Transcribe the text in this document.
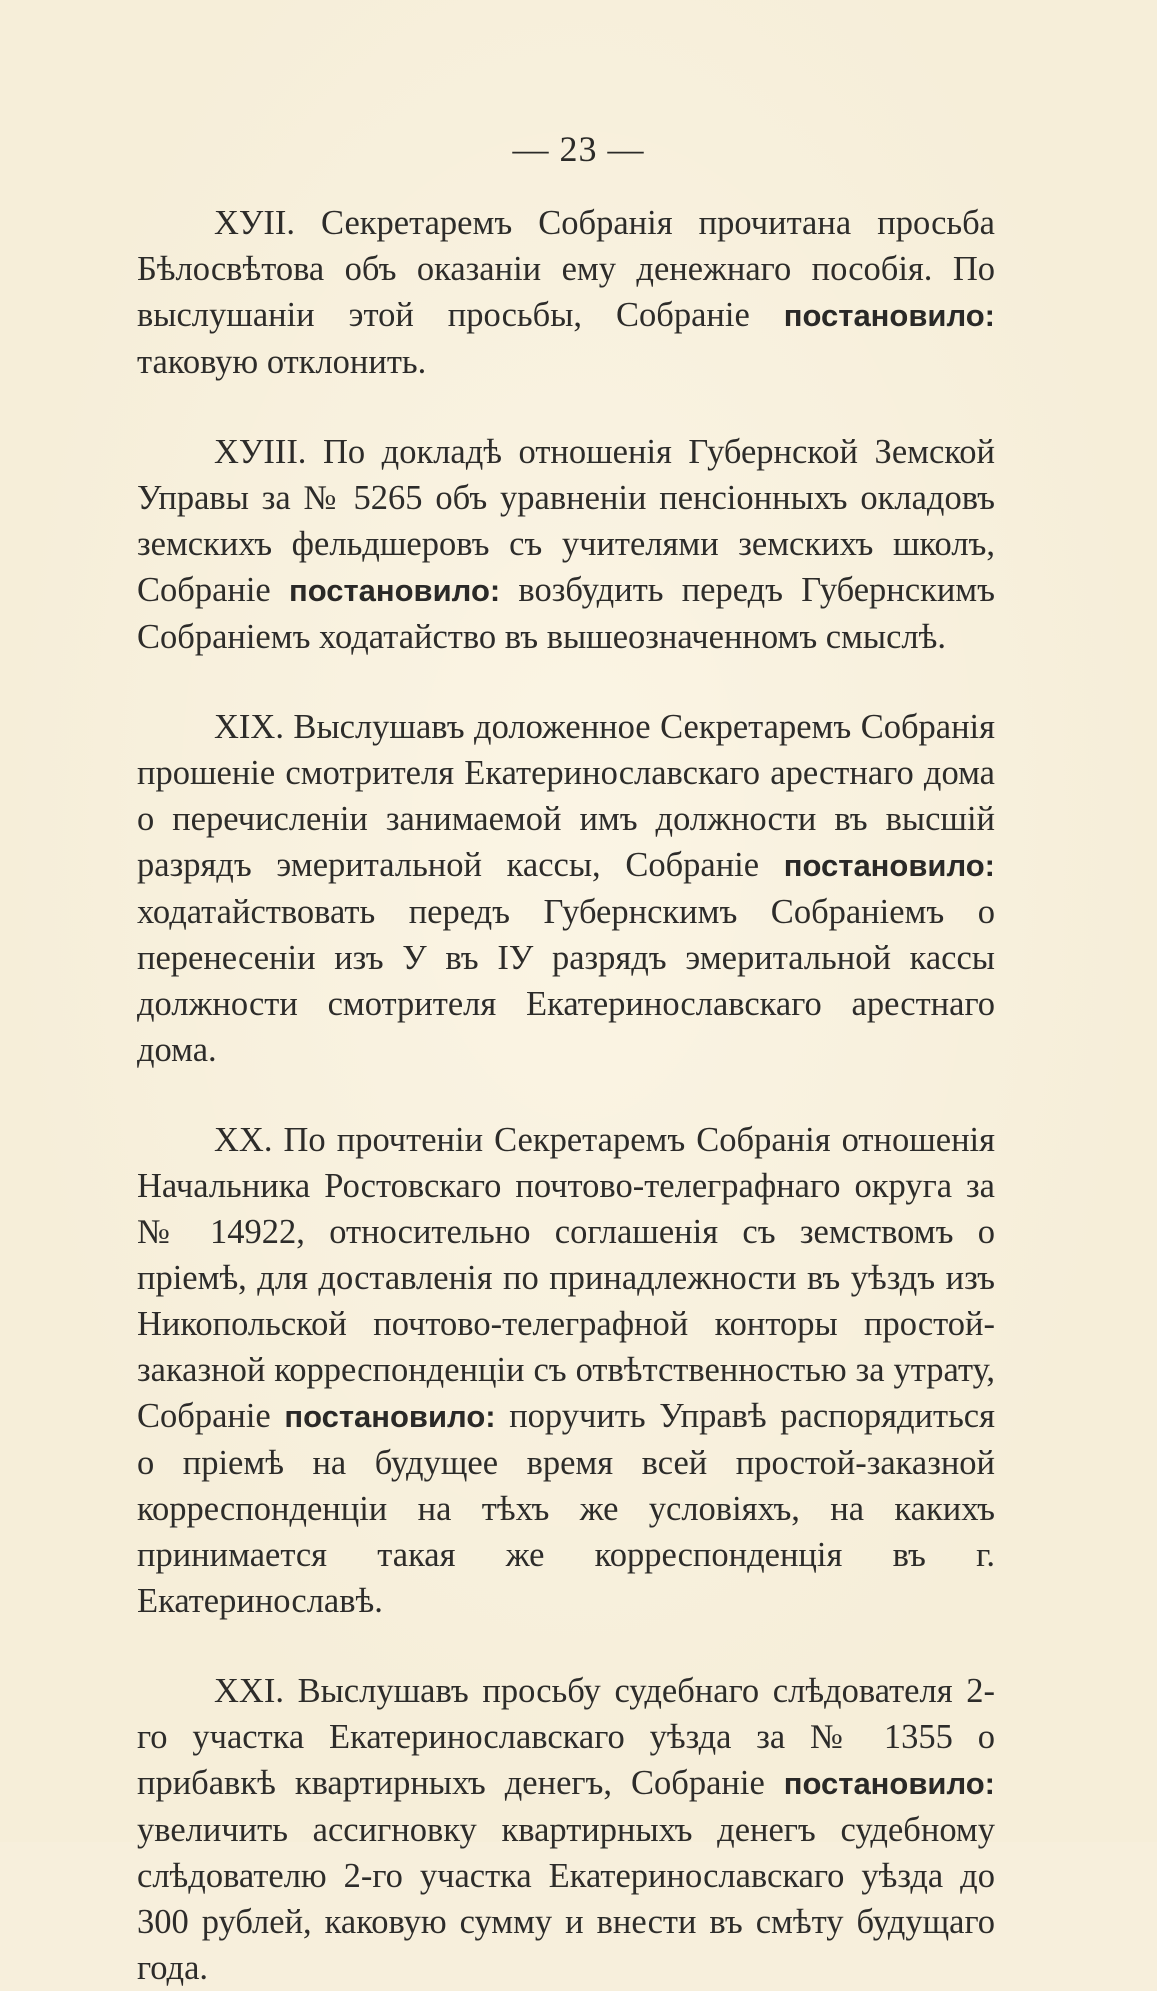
— 23 —

XУII. Секретаремъ Собранія прочитана просьба Бѣлосвѣтова объ оказаніи ему денежнаго пособія. По выслушаніи этой просьбы, Собраніе постановило: таковую отклонить.

XУIII. По докладѣ отношенія Губернской Земской Управы за № 5265 объ уравненіи пенсіонныхъ окладовъ земскихъ фельдшеровъ съ учителями земскихъ школъ, Собраніе постановило: возбудить передъ Губернскимъ Собраніемъ ходатайство въ вышеозначенномъ смыслѣ.

XIX. Выслушавъ доложенное Секретаремъ Собранія прошеніе смотрителя Екатеринославскаго арестнаго дома о перечисленіи занимаемой имъ должности въ высшій разрядъ эмеритальной кассы, Собраніе постановило: ходатайствовать передъ Губернскимъ Собраніемъ о перенесеніи изъ У въ IУ разрядъ эмеритальной кассы должности смотрителя Екатеринославскаго арестнаго дома.

XX. По прочтеніи Секретаремъ Собранія отношенія Начальника Ростовскаго почтово-телеграфнаго округа за № 14922, относительно соглашенія съ земствомъ о пріемѣ, для доставленія по принадлежности въ уѣздъ изъ Никопольской почтово-телеграфной конторы простой-заказной корреспонденціи съ отвѣтственностью за утрату, Собраніе постановило: поручить Управѣ распорядиться о пріемѣ на будущее время всей простой-заказной корреспонденціи на тѣхъ же условіяхъ, на какихъ принимается такая же корреспонденція въ г. Екатеринославѣ.

XXI. Выслушавъ просьбу судебнаго слѣдователя 2-го участка Екатеринославскаго уѣзда за № 1355 о прибавкѣ квартирныхъ денегъ, Собраніе постановило: увеличить ассигновку квартирныхъ денегъ судебному слѣдователю 2-го участка Екатеринославскаго уѣзда до 300 рублей, каковую сумму и внести въ смѣту будущаго года.
